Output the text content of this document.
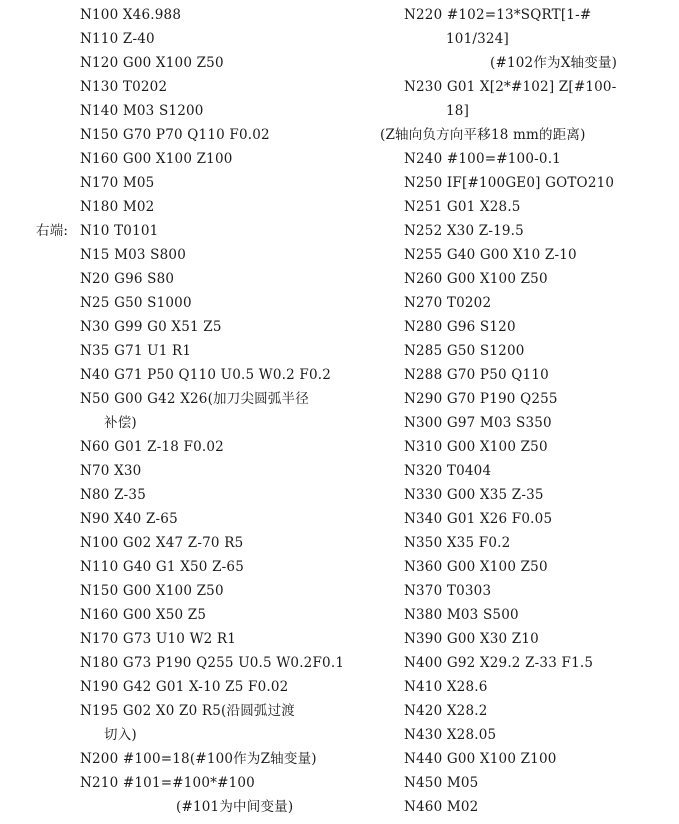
N100 X46.988
N110 Z-40
N120 G00 X100 Z50
N130 T0202
N140 M03 S1200
N150 G70 P70 Q110 F0.02
N160 G00 X100 Z100
N170 M05
N180 M02
右端: N10 T0101
N15 M03 S800
N20 G96 S80
N25 G50 S1000
N30 G99 G0 X51 Z5
N35 G71 U1 R1
N40 G71 P50 Q110 U0.5 W0.2 F0.2
N50 G00 G42 X26(加刀尖圆弧半径
补偿)
N60 G01 Z-18 F0.02
N70 X30
N80 Z-35
N90 X40 Z-65
N100 G02 X47 Z-70 R5
N110 G40 G1 X50 Z-65
N150 G00 X100 Z50
N160 G00 X50 Z5
N170 G73 U10 W2 R1
N180 G73 P190 Q255 U0.5 W0.2F0.1
N190 G42 G01 X-10 Z5 F0.02
N195 G02 X0 Z0 R5(沿圆弧过渡
切入)
N200 #100=18(#100作为Z轴变量)
N210 #101=#100*#100
(#101为中间变量)
N220 #102=13*SQRT[1-#
101/324]
(#102作为X轴变量)
N230 G01 X[2*#102] Z[#100-
18]
(Z轴向负方向平移18 mm的距离)
N240 #100=#100-0.1
N250 IF[#100GE0] GOTO210
N251 G01 X28.5
N252 X30 Z-19.5
N255 G40 G00 X10 Z-10
N260 G00 X100 Z50
N270 T0202
N280 G96 S120
N285 G50 S1200
N288 G70 P50 Q110
N290 G70 P190 Q255
N300 G97 M03 S350
N310 G00 X100 Z50
N320 T0404
N330 G00 X35 Z-35
N340 G01 X26 F0.05
N350 X35 F0.2
N360 G00 X100 Z50
N370 T0303
N380 M03 S500
N390 G00 X30 Z10
N400 G92 X29.2 Z-33 F1.5
N410 X28.6
N420 X28.2
N430 X28.05
N440 G00 X100 Z100
N450 M05
N460 M02
